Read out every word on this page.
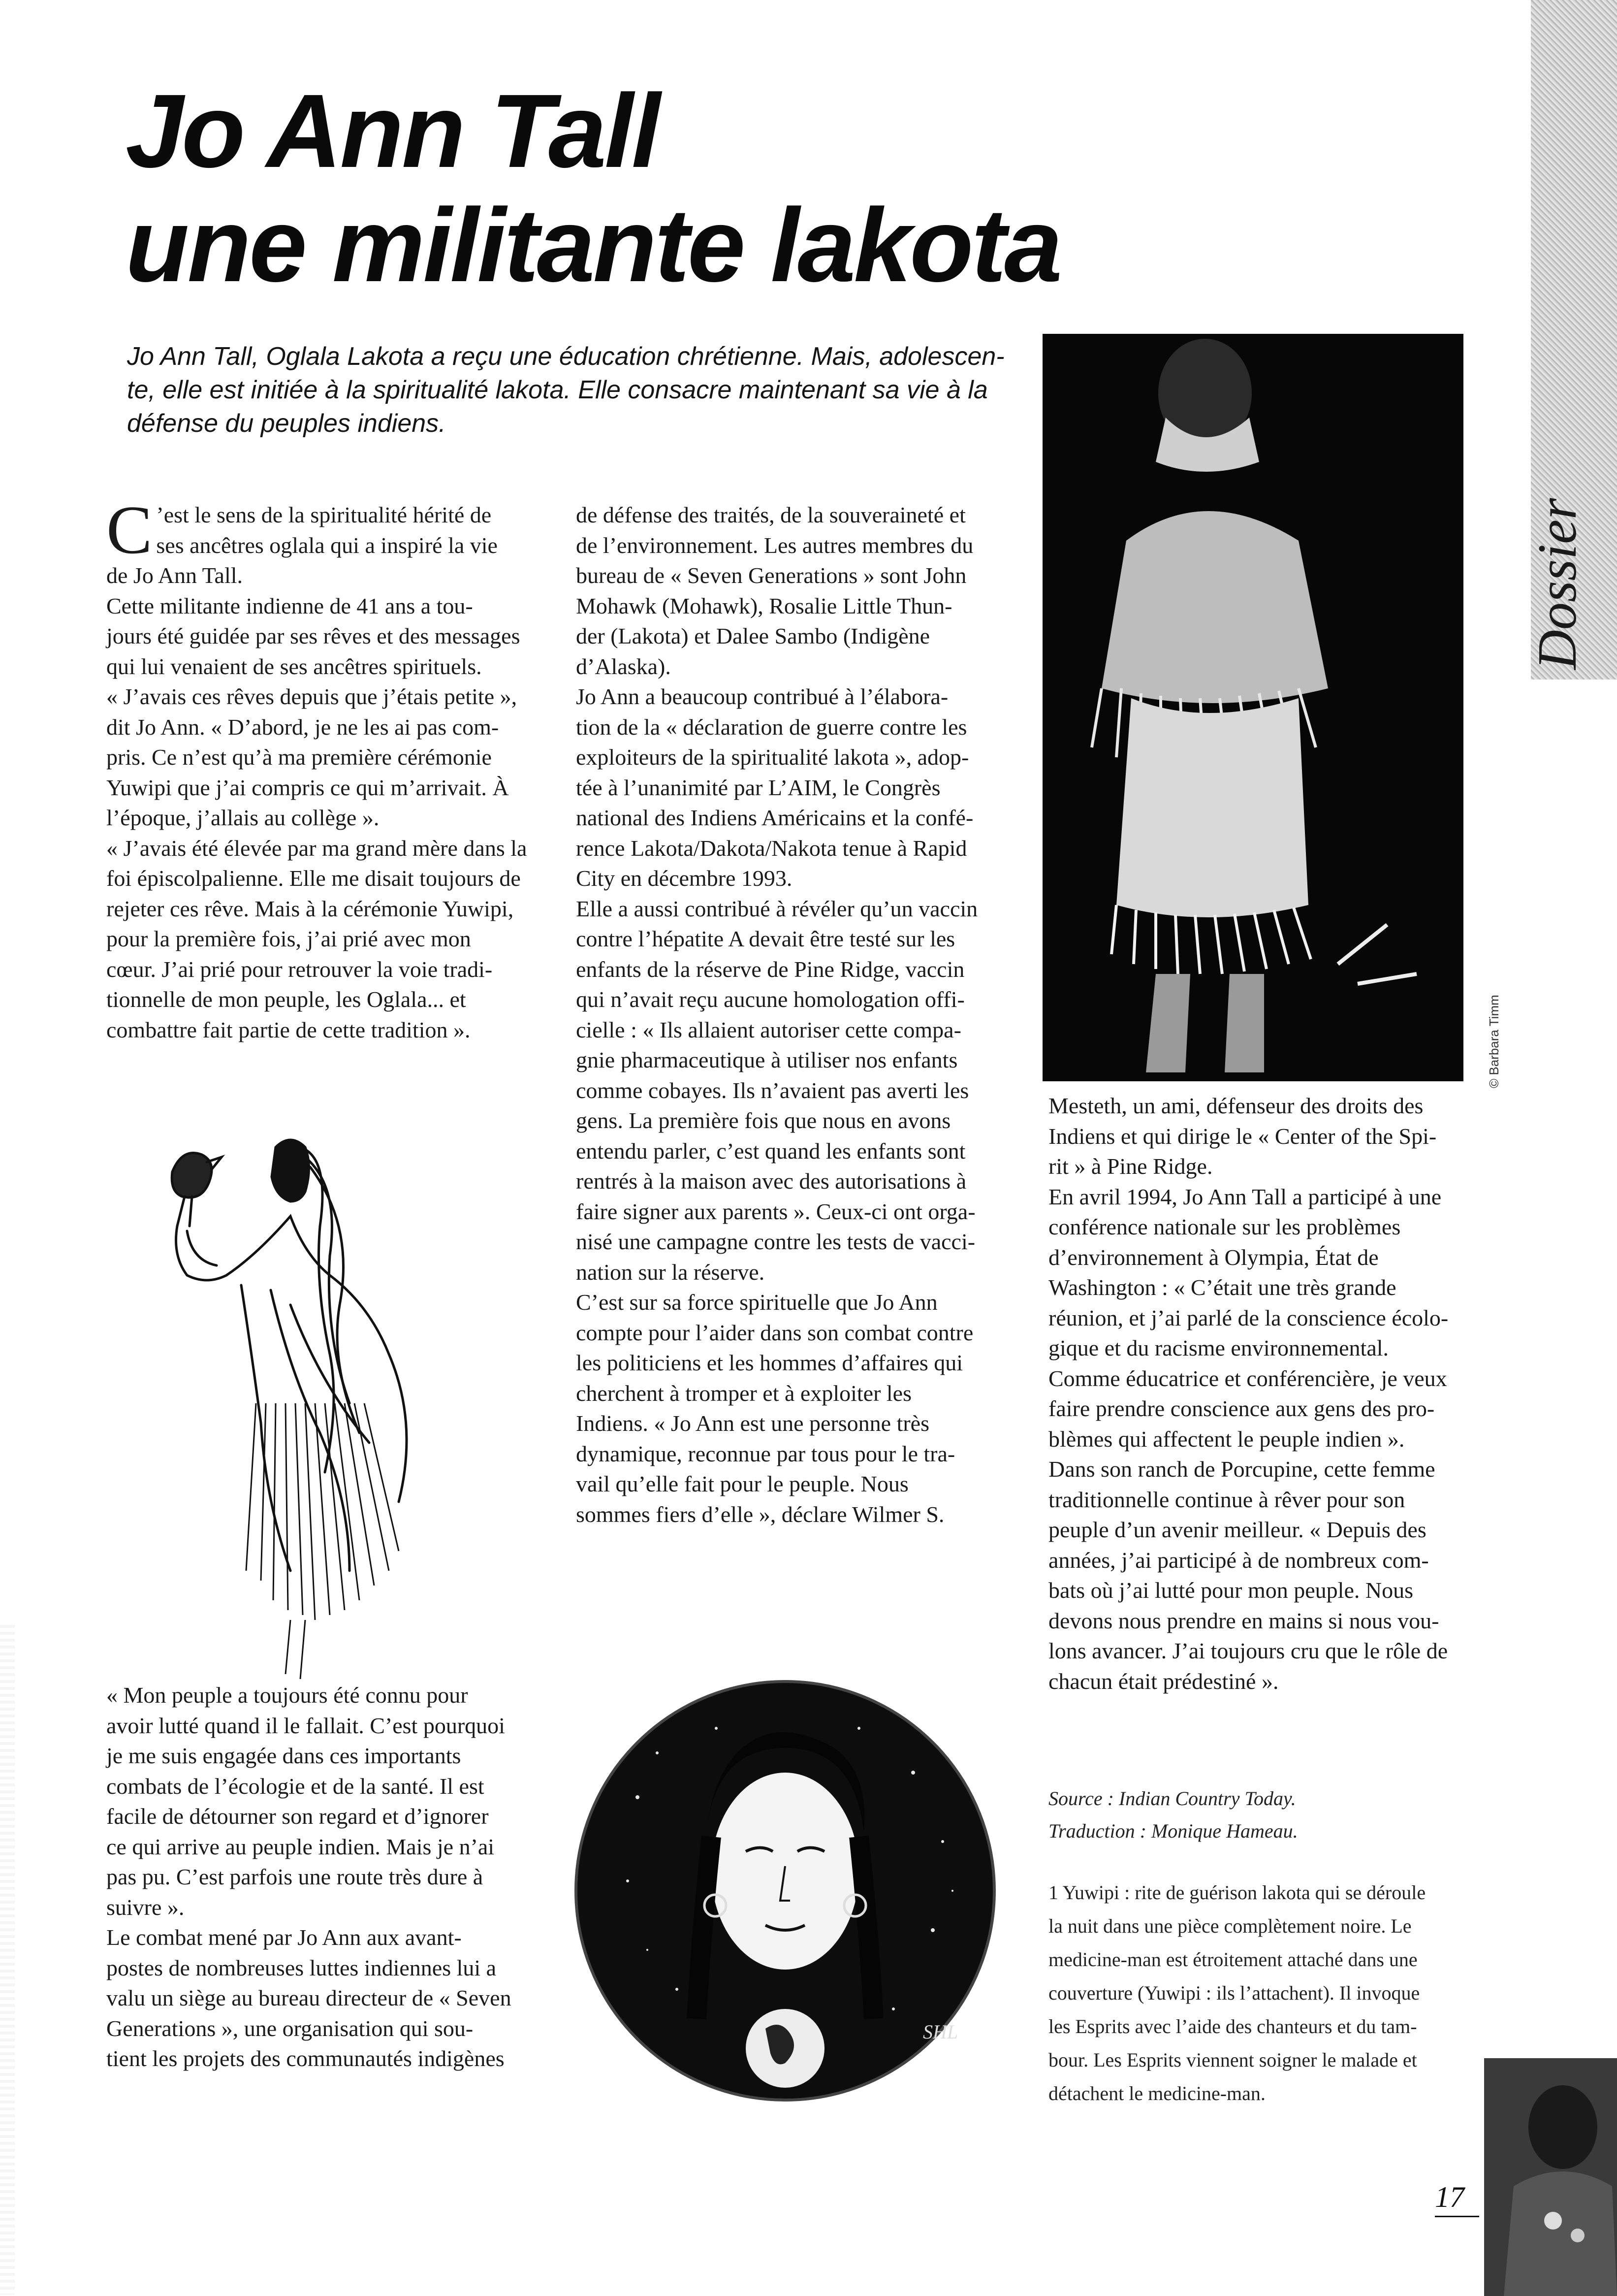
Dossier
Jo Ann Tall
une militante lakota

Jo Ann Tall, Oglala Lakota a reçu une éducation chrétienne. Mais, adolescen-

te, elle est initiée à la spiritualité lakota. Elle consacre maintenant sa vie à la

défense du peuples indiens.

C ’est le sens de la spiritualité hérité de

ses ancêtres oglala qui a inspiré la vie

de Jo Ann Tall.

Cette militante indienne de 41 ans a tou-

jours été guidée par ses rêves et des messages

qui lui venaient de ses ancêtres spirituels.

« J’avais ces rêves depuis que j’étais petite »,

dit Jo Ann. « D’abord, je ne les ai pas com-

pris. Ce n’est qu’à ma première cérémonie

Yuwipi que j’ai compris ce qui m’arrivait. À

l’époque, j’allais au collège ».

« J’avais été élevée par ma grand mère dans la

foi épiscolpalienne. Elle me disait toujours de

rejeter ces rêve. Mais à la cérémonie Yuwipi,

pour la première fois, j’ai prié avec mon

cœur. J’ai prié pour retrouver la voie tradi-

tionnelle de mon peuple, les Oglala... et

combattre fait partie de cette tradition ».

« Mon peuple a toujours été connu pour

avoir lutté quand il le fallait. C’est pourquoi

je me suis engagée dans ces importants

combats de l’écologie et de la santé. Il est

facile de détourner son regard et d’ignorer

ce qui arrive au peuple indien. Mais je n’ai

pas pu. C’est parfois une route très dure à

suivre ».

Le combat mené par Jo Ann aux avant-

postes de nombreuses luttes indiennes lui a

valu un siège au bureau directeur de « Seven

Generations », une organisation qui sou-

tient les projets des communautés indigènes

de défense des traités, de la souveraineté et

de l’environnement. Les autres membres du

bureau de « Seven Generations » sont John

Mohawk (Mohawk), Rosalie Little Thun-

der (Lakota) et Dalee Sambo (Indigène

d’Alaska).

Jo Ann a beaucoup contribué à l’élabora-

tion de la « déclaration de guerre contre les

exploiteurs de la spiritualité lakota », adop-

tée à l’unanimité par L’AIM, le Congrès

national des Indiens Américains et la confé-

rence Lakota/Dakota/Nakota tenue à Rapid

City en décembre 1993.

Elle a aussi contribué à révéler qu’un vaccin

contre l’hépatite A devait être testé sur les

enfants de la réserve de Pine Ridge, vaccin

qui n’avait reçu aucune homologation offi-

cielle : « Ils allaient autoriser cette compa-

gnie pharmaceutique à utiliser nos enfants

comme cobayes. Ils n’avaient pas averti les

gens. La première fois que nous en avons

entendu parler, c’est quand les enfants sont

rentrés à la maison avec des autorisations à

faire signer aux parents ». Ceux-ci ont orga-

nisé une campagne contre les tests de vacci-

nation sur la réserve.

C’est sur sa force spirituelle que Jo Ann

compte pour l’aider dans son combat contre

les politiciens et les hommes d’affaires qui

cherchent à tromper et à exploiter les

Indiens. « Jo Ann est une personne très

dynamique, reconnue par tous pour le tra-

vail qu’elle fait pour le peuple. Nous

sommes fiers d’elle », déclare Wilmer S.

SHL
© Barbara Timm

Mesteth, un ami, défenseur des droits des

Indiens et qui dirige le « Center of the Spi-

rit » à Pine Ridge.

En avril 1994, Jo Ann Tall a participé à une

conférence nationale sur les problèmes

d’environnement à Olympia, État de

Washington : « C’était une très grande

réunion, et j’ai parlé de la conscience écolo-

gique et du racisme environnemental.

Comme éducatrice et conférencière, je veux

faire prendre conscience aux gens des pro-

blèmes qui affectent le peuple indien ».

Dans son ranch de Porcupine, cette femme

traditionnelle continue à rêver pour son

peuple d’un avenir meilleur. « Depuis des

années, j’ai participé à de nombreux com-

bats où j’ai lutté pour mon peuple. Nous

devons nous prendre en mains si nous vou-

lons avancer. J’ai toujours cru que le rôle de

chacun était prédestiné ».

Source : Indian Country Today.

Traduction : Monique Hameau.

1 Yuwipi : rite de guérison lakota qui se déroule

la nuit dans une pièce complètement noire. Le

medicine-man est étroitement attaché dans une

couverture (Yuwipi : ils l’attachent). Il invoque

les Esprits avec l’aide des chanteurs et du tam-

bour. Les Esprits viennent soigner le malade et

détachent le medicine-man.

17
